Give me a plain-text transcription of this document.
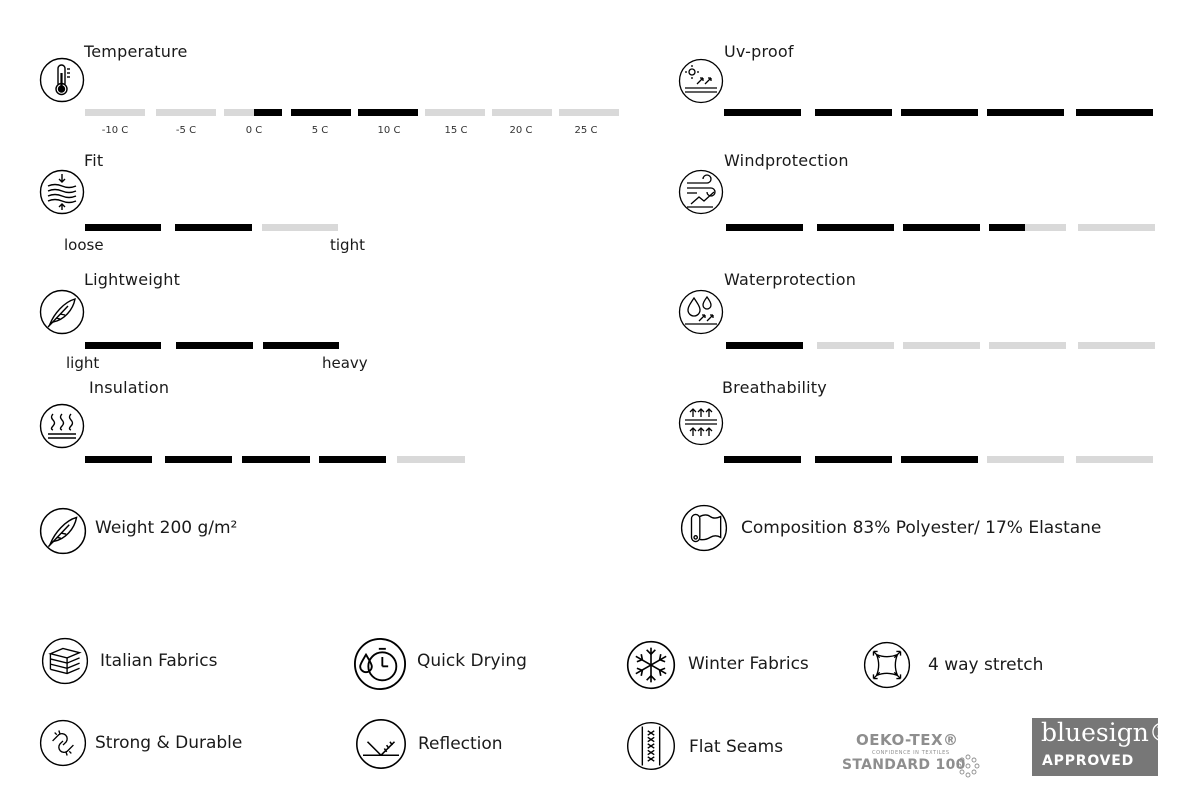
Temperature
-10 C	-5 C	0 C	5 C	10 C	15 C	20 C	25 C
Fit
loose	tight
Lightweight
light	heavy
Insulation
Weight 200 g/m²
Uv-proof
Windprotection
Waterprotection
Breathability
Composition 83% Polyester/ 17% Elastane
Italian Fabrics	Quick Drying	Winter Fabrics	4 way stretch
Strong & Durable	Reflection	Flat Seams	OEKO-TEX®
CONFIDENCE IN TEXTILES
STANDARD 100
bluesign®
APPROVED
